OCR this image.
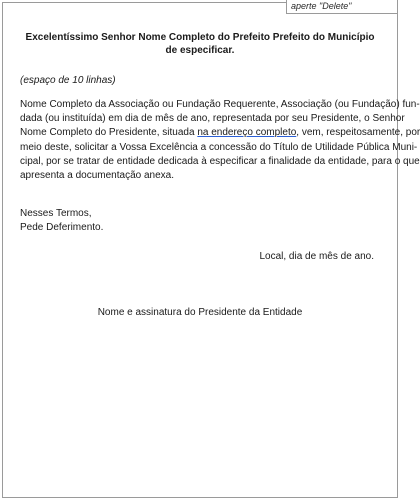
aperte "Delete"
Excelentíssimo Senhor Nome Completo do Prefeito Prefeito do Município
de especificar.
(espaço de 10 linhas)
Nome Completo da Associação ou Fundação Requerente, Associação (ou Fundação) fun-
dada (ou instituída) em dia de mês de ano, representada por seu Presidente, o Senhor
Nome Completo do Presidente, situada na endereço completo, vem, respeitosamente, por
meio deste, solicitar a Vossa Excelência a concessão do Título de Utilidade Pública Muni-
cipal, por se tratar de entidade dedicada à especificar a finalidade da entidade, para o que
apresenta a documentação anexa.
Nesses Termos,
Pede Deferimento.
Local, dia de mês de ano.
Nome e assinatura do Presidente da Entidade
